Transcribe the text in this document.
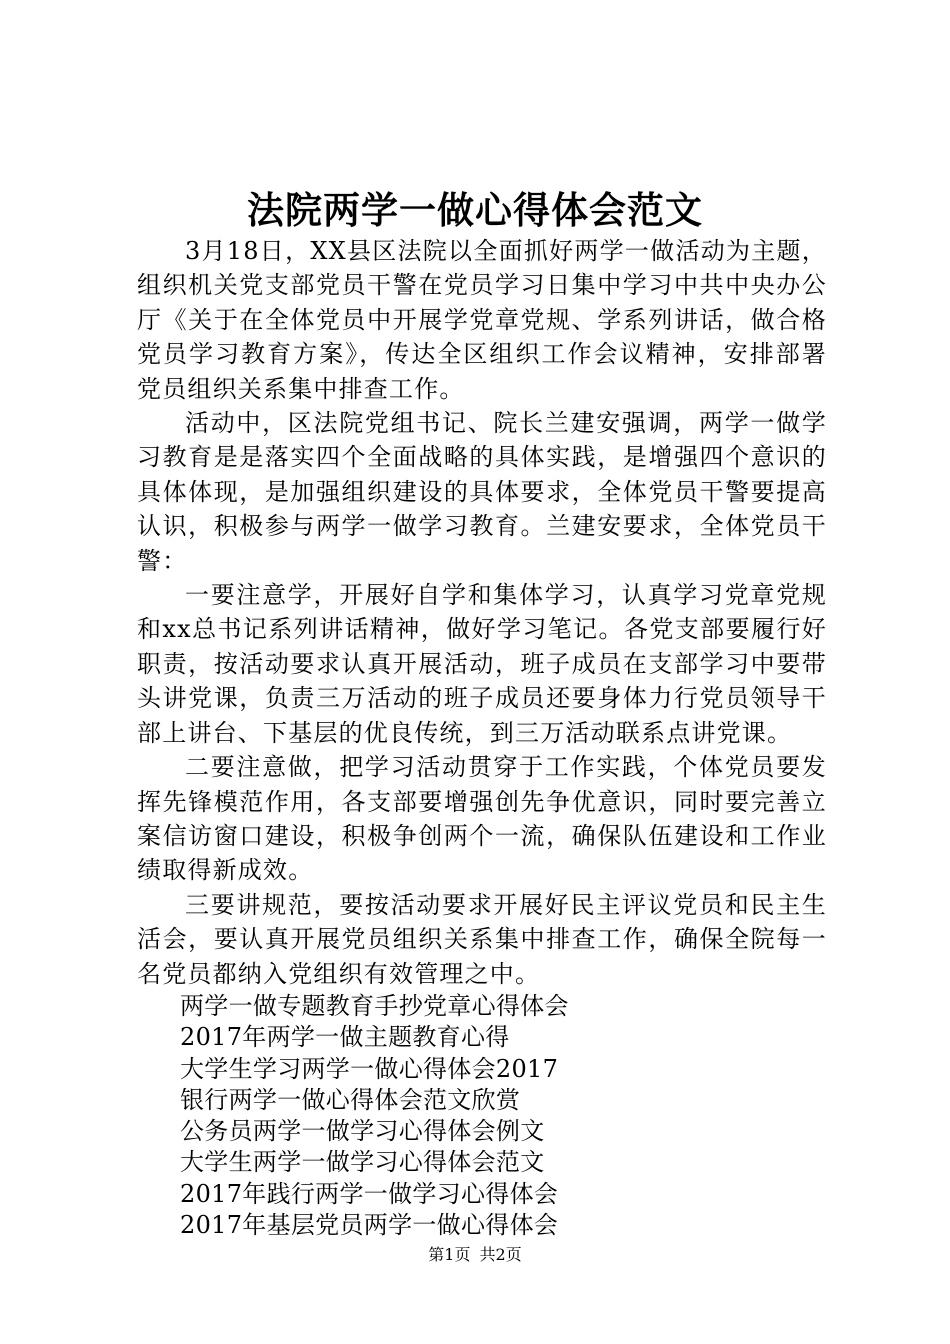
法院两学一做心得体会范文

3月18日，XX县区法院以全面抓好两学一做活动为主题，组织机关党支部党员干警在党员学习日集中学习中共中央办公厅《关于在全体党员中开展学党章党规、学系列讲话，做合格党员学习教育方案》，传达全区组织工作会议精神，安排部署党员组织关系集中排查工作。

活动中，区法院党组书记、院长兰建安强调，两学一做学习教育是是落实四个全面战略的具体实践，是增强四个意识的具体体现，是加强组织建设的具体要求，全体党员干警要提高认识，积极参与两学一做学习教育。兰建安要求，全体党员干警：

一要注意学，开展好自学和集体学习，认真学习党章党规和xx总书记系列讲话精神，做好学习笔记。各党支部要履行好职责，按活动要求认真开展活动，班子成员在支部学习中要带头讲党课，负责三万活动的班子成员还要身体力行党员领导干部上讲台、下基层的优良传统，到三万活动联系点讲党课。

二要注意做，把学习活动贯穿于工作实践，个体党员要发挥先锋模范作用，各支部要增强创先争优意识，同时要完善立案信访窗口建设，积极争创两个一流，确保队伍建设和工作业绩取得新成效。

三要讲规范，要按活动要求开展好民主评议党员和民主生活会，要认真开展党员组织关系集中排查工作，确保全院每一名党员都纳入党组织有效管理之中。

两学一做专题教育手抄党章心得体会
2017年两学一做主题教育心得
大学生学习两学一做心得体会2017
银行两学一做心得体会范文欣赏
公务员两学一做学习心得体会例文
大学生两学一做学习心得体会范文
2017年践行两学一做学习心得体会
2017年基层党员两学一做心得体会
第1页 共2页
